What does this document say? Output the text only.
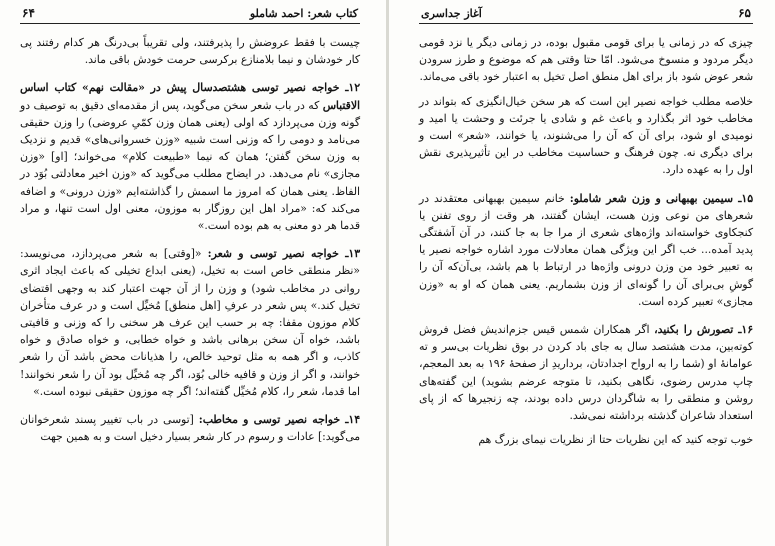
کتاب شعر: احمد شاملو
۶۴

چیست با فقط عروضش را پذیرفتند، ولی تقریباً بی‌درنگ هر کدام رفتند پی کار خودشان و نیما بلامنازع برکرسی حرمت خودش باقی ماند.

۱۲ـ خواجه نصیر توسی هشتصدسال پیش در «مقالت نهم» کتاب اساس الاقتباس که در باب شعر سخن می‌گوید، پس از مقدمه‌ای دقیق به توصیف دو گونه وزن می‌پردازد که اولی (یعنی همان وزن کمّیِ عروضی) را وزن حقیقی می‌نامد و دومی را که وزنی است شبیه «وزن خسروانی‌های» قدیم و نزدیک به وزن سخن گفتن؛ همان که نیما «طبیعت کلام» می‌خواند؛ [او] «وزن مجازی» نام می‌دهد. در ایضاح مطلب می‌گوید که «وزن اخیر معادلتی بُوَد در الفاظ. یعنی همان که امروز ما اسمش را گذاشته‌ایم «وزن درونی» و اضافه می‌کند که: «مراد اهل این روزگار به موزون، معنی اول است تنها، و مراد قدما هر دو معنی به هم بوده است.»

۱۳ـ خواجه نصیر توسی و شعر: «[وقتی] به شعر می‌پردازد، می‌نویسد: «نظر منطقی خاص است به تخیل، (یعنی ابداع تخیلی که باعث ایجاد اثری روانی در مخاطب شود) و وزن را از آن جهت اعتبار کند به وجهی اقتضای تخیل کند.» پس شعر در عرفِ [اهل منطق] مُخیِّل است و در عرف متأخران کلام موزون مقفا: چه بر حسب این عرف هر سخنی را که وزنی و قافیتی باشد، خواه آن سخن برهانی باشد و خواه خطابی، و خواه صادق و خواه کاذب، و اگر همه به مثل توحید خالص، را هذیانات محض باشد آن را شعر خوانند، و اگر از وزن و قافیه خالی بُوَد، اگر چه مُخیِّل بود آن را شعر نخوانند! اما قدما، شعر را، کلام مُخیِّل گفته‌اند؛ اگر چه موزون حقیقی نبوده است.»

۱۴ـ خواجه نصیر توسی و مخاطب: [توسی در باب تغییر پسند شعرخوانان می‌گوید:] عادات و رسوم در کار شعر بسیار دخیل است و به همین جهت

۶۵
آغاز جداسری

چیزی که در زمانی یا برای قومی مقبول بوده، در زمانی دیگر یا نزد قومی دیگر مردود و منسوخ می‌شود. امّا حتا وقتی هم که موضوع و طرز سرودن شعر عوض شود باز برای اهل منطق اصل تخیل به اعتبار خود باقی می‌ماند.

خلاصه مطلب خواجه نصیر این است که هر سخن خیال‌انگیزی که بتواند در مخاطب خود اثر بگذارد و باعث غم و شادی یا جرئت و وحشت یا امید و نومیدی او شود، برای آن که آن را می‌شنوند، یا خوانند، «شعر» است و برای دیگری نه. چون فرهنگ و حساسیت مخاطب در این تأثیرپذیری نقش اول را به عهده دارد.

۱۵ـ سیمین بهبهانی و وزن شعر شاملو: خانم سیمین بهبهانی معتقدند در شعرهای من نوعی وزن هست، ایشان گفتند، هر وقت از روی تفنن یا کنجکاوی خواسته‌اند واژه‌های شعری از مرا جا به جا کنند، در آن آشفتگی پدید آمده... خب اگر این ویژگی همان معادلات مورد اشاره خواجه نصیر یا به تعبیر خود من وزن درونی واژه‌ها در ارتباط با هم باشد، بی‌آن‌که آن را گوشِ بی‌برای آن را گونه‌ای از وزن بشماریم. یعنی همان که او به «وزن مجازی» تعبیر کرده است.

۱۶ـ تصورش را بکنید، اگر همکاران شمس قیس جزم‌اندیش فضل فروش کوته‌بین، مدت هشتصد سال به جای باد کردن در بوق نظریات بی‌سر و ته عوامانهٔ او (شما را به ارواح اجدادتان، برداریدِ از صفحهٔ ۱۹۶ به بعد المعجم، چاپ مدرس رضوی، نگاهی بکنید، تا متوجه عرضم بشوید) این گفته‌های روشن و منطقی را به شاگردان درس داده بودند، چه زنجیرها که از پای استعداد شاعران گذشته برداشته نمی‌شد.

خوب توجه کنید که این نظریات حتا از نظریات نیمای بزرگ هم
